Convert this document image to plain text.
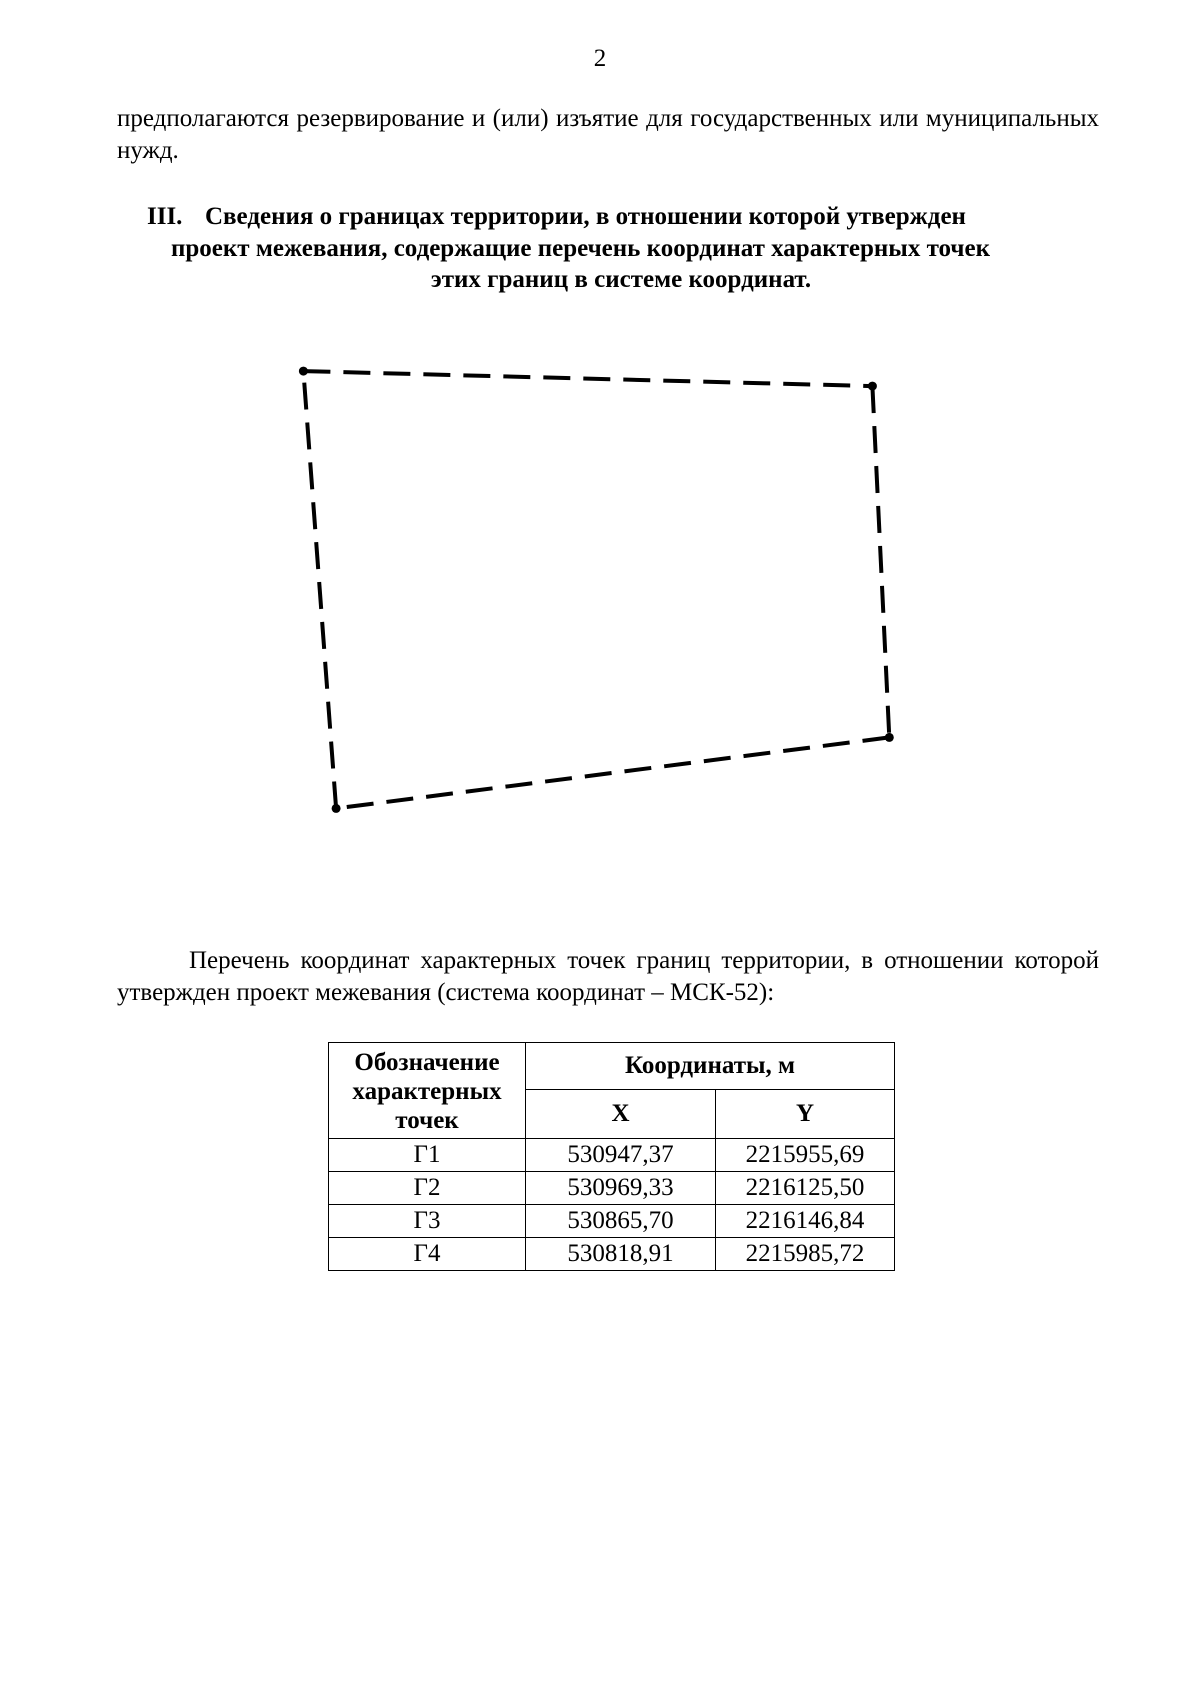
2

предполагаются резервирование и (или) изъятие для государственных или муниципальных нужд.

III. Сведения о границах территории, в отношении которой утвержден
проект межевания, содержащие перечень координат характерных точек
этих границ в системе координат.

Перечень координат характерных точек границ территории, в отношении которой утвержден проект межевания (система координат – МСК-52):

Обозначение
характерных
точек	Координаты, м	
	X	Y
Г1	530947,37	2215955,69
Г2	530969,33	2216125,50
Г3	530865,70	2216146,84
Г4	530818,91	2215985,72
